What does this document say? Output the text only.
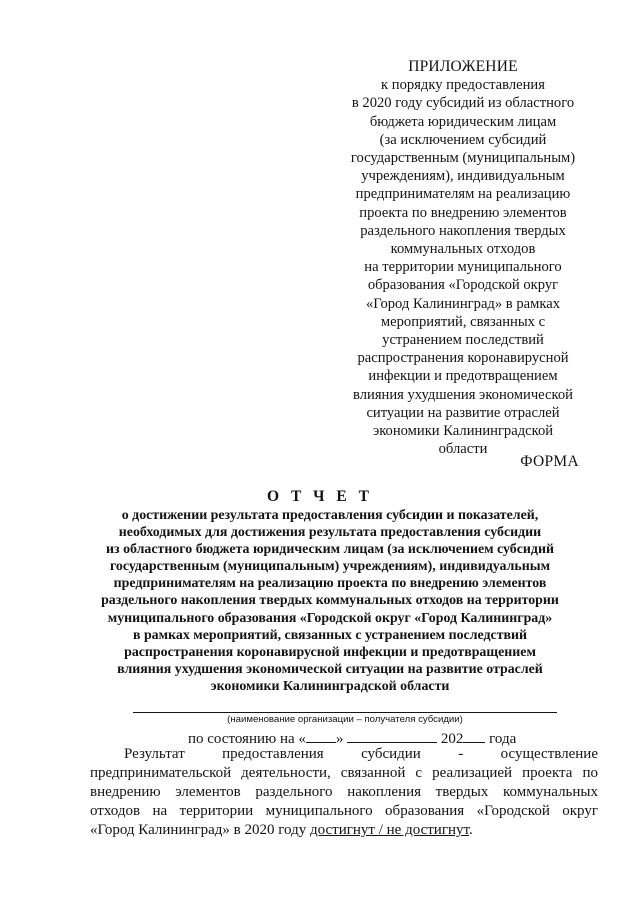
ПРИЛОЖЕНИЕ
к порядку предоставления
в 2020 году субсидий из областного
бюджета юридическим лицам
(за исключением субсидий
государственным (муниципальным)
учреждениям), индивидуальным
предпринимателям на реализацию
проекта по внедрению элементов
раздельного накопления твердых
коммунальных отходов
на территории муниципального
образования «Городской округ
«Город Калининград» в рамках
мероприятий, связанных с
устранением последствий
распространения коронавирусной
инфекции и предотвращением
влияния ухудшения экономической
ситуации на развитие отраслей
экономики Калининградской
области
ФОРМА
О Т Ч Е Т
о достижении результата предоставления субсидии и показателей,
необходимых для достижения результата предоставления субсидии
из областного бюджета юридическим лицам (за исключением субсидий
государственным (муниципальным) учреждениям), индивидуальным
предпринимателям на реализацию проекта по внедрению элементов
раздельного накопления твердых коммунальных отходов на территории
муниципального образования «Городской округ «Город Калининград»
в рамках мероприятий, связанных с устранением последствий
распространения коронавирусной инфекции и предотвращением
влияния ухудшения экономической ситуации на развитие отраслей
экономики Калининградской области
(наименование организации – получателя субсидии)
по состоянию на « »	202 года
Результат предоставления субсидии - осуществление
предпринимательской деятельности, связанной с реализацией проекта по
внедрению элементов раздельного накопления твердых коммунальных
отходов на территории муниципального образования «Городской округ
«Город Калининград» в 2020 году достигнут / не достигнут.
